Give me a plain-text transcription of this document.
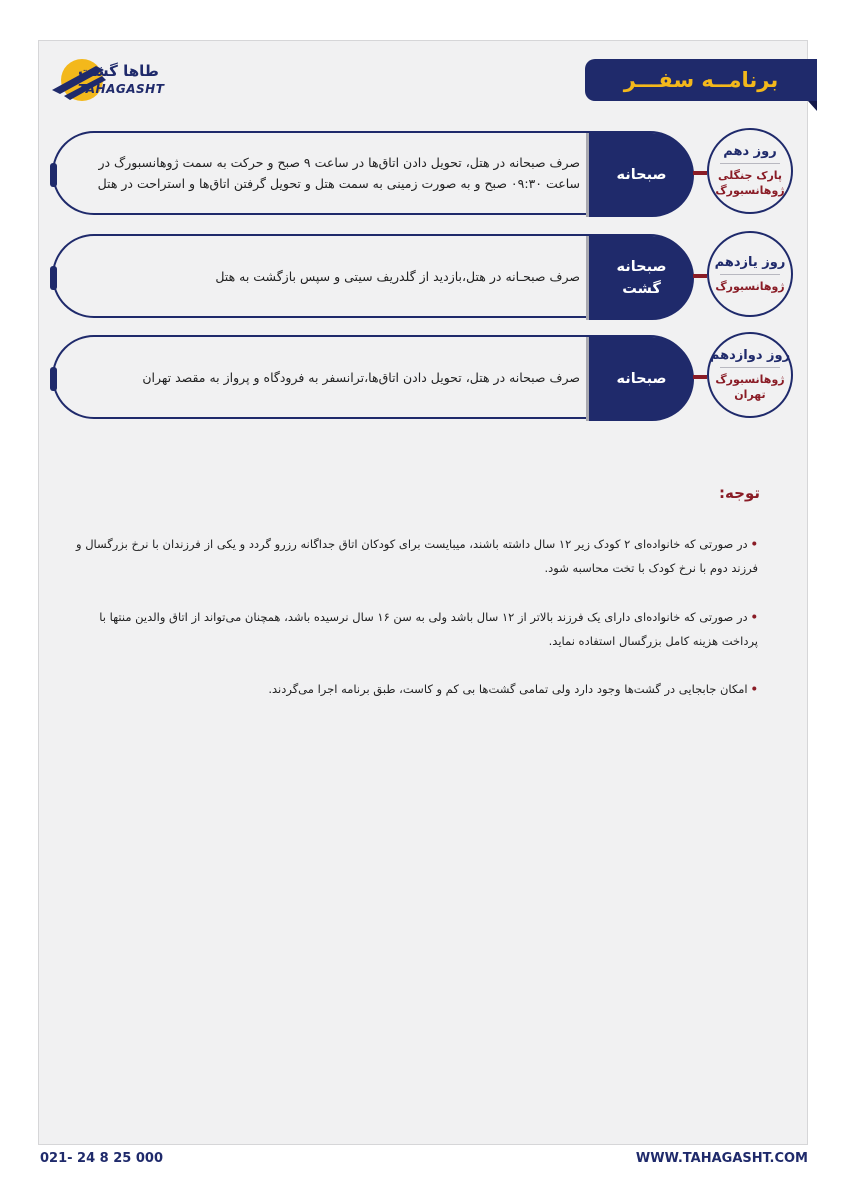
طاها گشت
TAHAGASHT	برنامــه سفـــر
صرف صبحانه در هتل، تحویل دادن اتاق‌ها در ساعت ۹ صبح و حرکت به سمت ژوهانسبورگ در ساعت ۰۹:۳۰ صبح و به صورت زمینی به سمت هتل و تحویل گرفتن اتاق‌ها و استراحت در هتل
صبحانه
روز دهم
پارک جنگلی ژوهانسبورگ
صرف صبحـانه در هتل،بازدید از گلدریف سیتی و سپس بازگشت به هتل
صبحانه گشت
روز یازدهم
ژوهانسبورگ
صرف صبحانه در هتل، تحویل دادن اتاق‌ها،ترانسفر به فرودگاه و پرواز به مقصد تهران	صبحانه
روز دوازدهم
ژوهانسبورگ تهران
توجه:
•در صورتی که خانواده‌ای ۲ کودک زیر ۱۲ سال داشته باشند، میبایست برای کودکان اتاق جداگانه رزرو گردد و یکی از فرزندان با نرخ بزرگسال و فرزند دوم با نرخ کودک با تخت محاسبه شود.
•در صورتی که خانواده‌ای دارای یک فرزند بالاتر از ۱۲ سال باشد ولی به سن ۱۶ سال نرسیده باشد، همچنان می‌تواند از اتاق والدین منتها با پرداخت هزینه کامل بزرگسال استفاده نماید.
•امکان جابجایی در گشت‌ها وجود دارد ولی تمامی گشت‌ها بی کم و کاست، طبق برنامه اجرا می‌گردند.
021- 24 8 25 000	WWW.TAHAGASHT.COM
